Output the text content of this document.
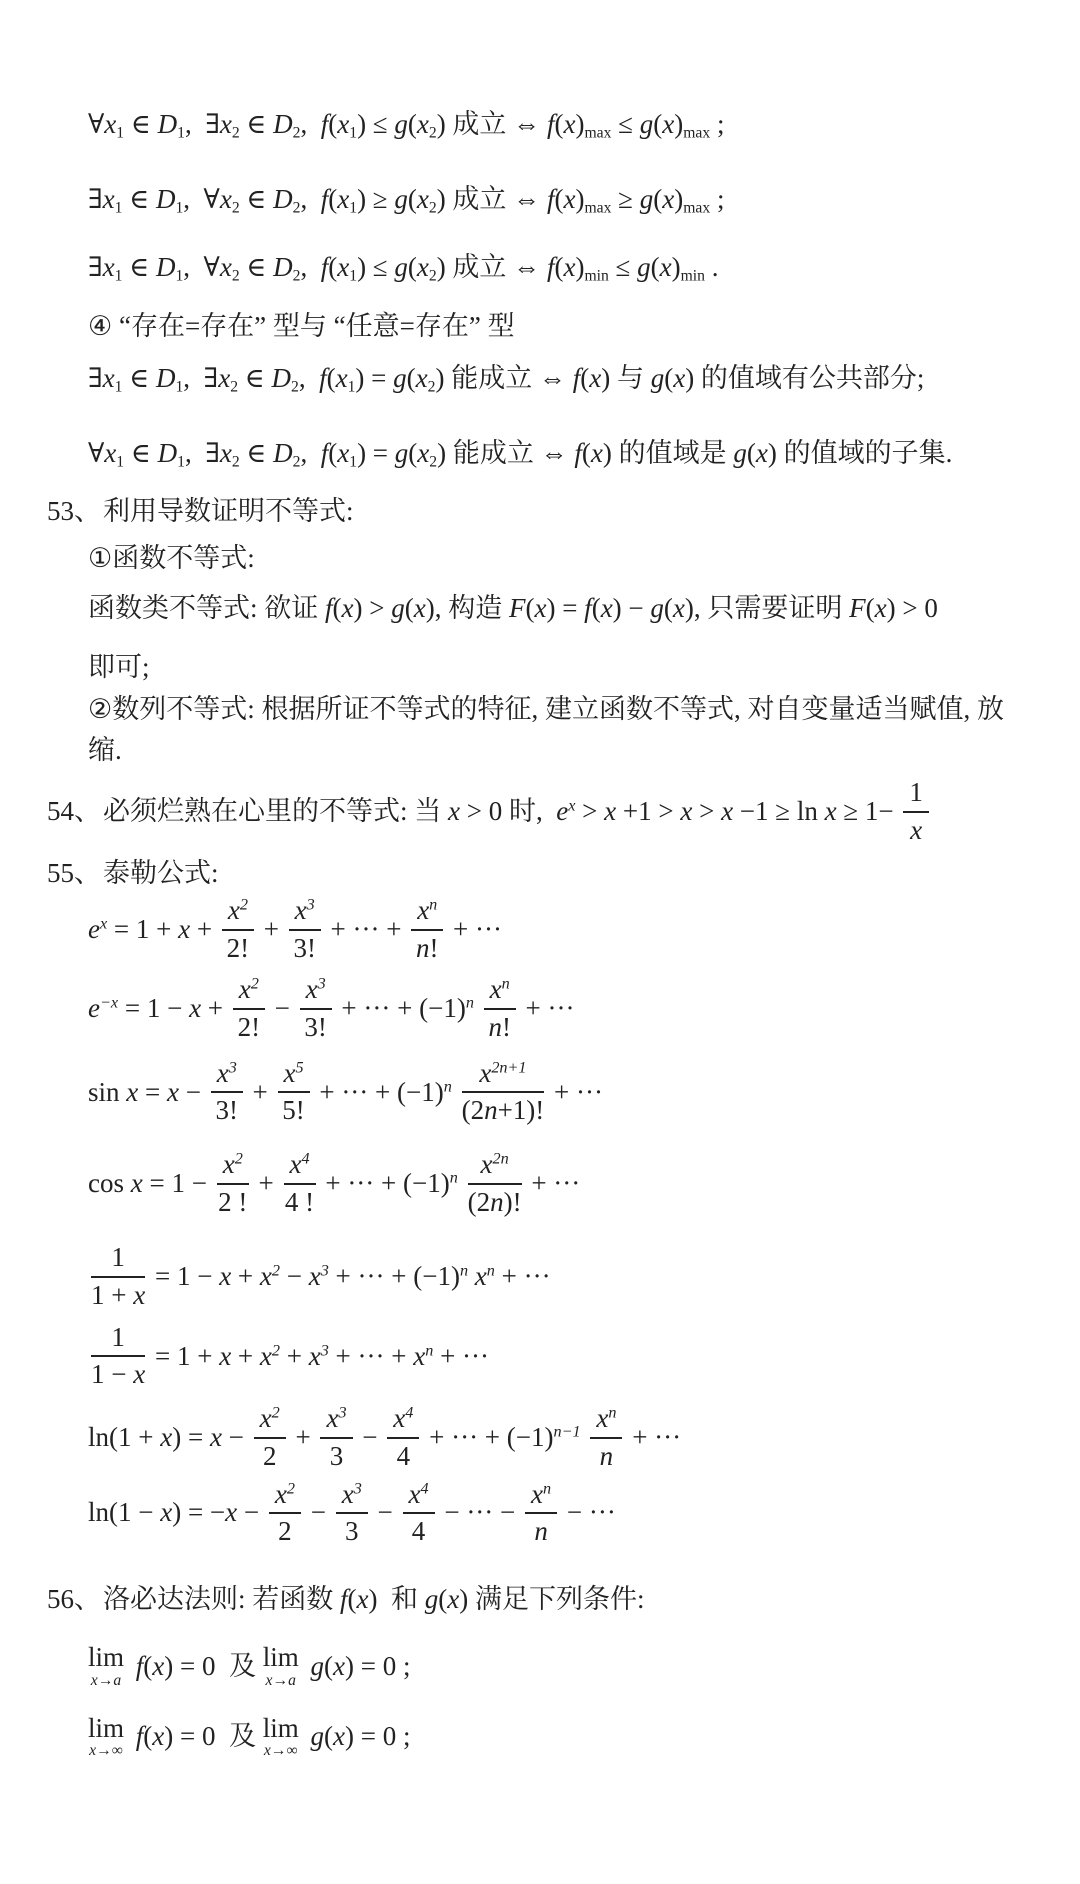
$\forall x_1$ ∈ $D_1$,  $\exists x_2$ ∈ $D_2$,  $f(x_1) \le g(x_2)$ 成立 ⇔ $f(x)_{max} \le g(x)_{max}$ ;
$\exists x_1$ ∈ $D_1$,  $\forall x_2$ ∈ $D_2$,  $f(x_1) \ge g(x_2)$ 成立 ⇔ $f(x)_{max} \ge g(x)_{max}$ ;
$\exists x_1$ ∈ $D_1$,  $\forall x_2$ ∈ $D_2$,  $f(x_1) \le g(x_2)$ 成立 ⇔ $f(x)_{min} \le g(x)_{min}$ .
④ “存在=存在” 型与 “任意=存在” 型
$\exists x_1$ ∈ $D_1$,  $\exists x_2$ ∈ $D_2$,  $f(x_1) = g(x_2)$ 能成立 ⇔ f(x) 与 g(x) 的值域有公共部分;
$\forall x_1$ ∈ $D_1$,  $\exists x_2$ ∈ $D_2$,  $f(x_1) = g(x_2)$ 能成立 ⇔ f(x) 的值域是 g(x) 的值域的子集.
53、利用导数证明不等式:
①函数不等式:
函数类不等式: 欲证 f(x) > g(x), 构造 F(x) = f(x) − g(x), 只需要证明 F(x) > 0
即可;
②数列不等式: 根据所证不等式的特征, 建立函数不等式, 对自变量适当赋值, 放
缩.
54、必须烂熟在心里的不等式: 当 x > 0 时,  $e^x > x +1 > x > x -1 \ge \ln x \ge 1- \frac{1}{x}$
55、泰勒公式:
$e^x = 1 + x + \frac{x^2}{2!} + \frac{x^3}{3!}$ + ··· + $\frac{x^n}{n!}$ + ···
$e^{-x} = 1 - x + \frac{x^2}{2!} - \frac{x^3}{3!}$ + ··· + $(-1)^n \frac{x^n}{n!}$ + ···
$\sin x = x - \frac{x^3}{3!} + \frac{x^5}{5!}$ + ··· + $(-1)^n \frac{x^{2n+1}}{(2n+1)!}$ + ···
$\cos x = 1 - \frac{x^2}{2 !} + \frac{x^4}{4 !}$ + ··· + $(-1)^n \frac{x^{2n}}{(2n)!}$ + ···
$\frac{1}{1 + x} = 1 - x + x^2 - x^3$ + ··· + $(-1)^n$ $x^n$ + ···
$\frac{1}{1 - x} = 1 + x + x^2 + x^3$ + ··· + $x^n$ + ···
$\ln(1 + x) = x - \frac{x^2}{2} + \frac{x^3}{3} - \frac{x^4}{4}$ + ··· + $(-1)^{n-1} \frac{x^n}{n}$ + ···
$\ln(1 - x) = -x - \frac{x^2}{2} - \frac{x^3}{3} - \frac{x^4}{4}$ − ··· − $\frac{x^n}{n}$ − ···
56、洛必达法则: 若函数 f(x)  和 g(x) 满足下列条件:
lim
x→a f(x) = 0  及 lim
x→a g(x) = 0 ;
lim
x→∞ f(x) = 0  及 lim
x→∞ g(x) = 0 ;
